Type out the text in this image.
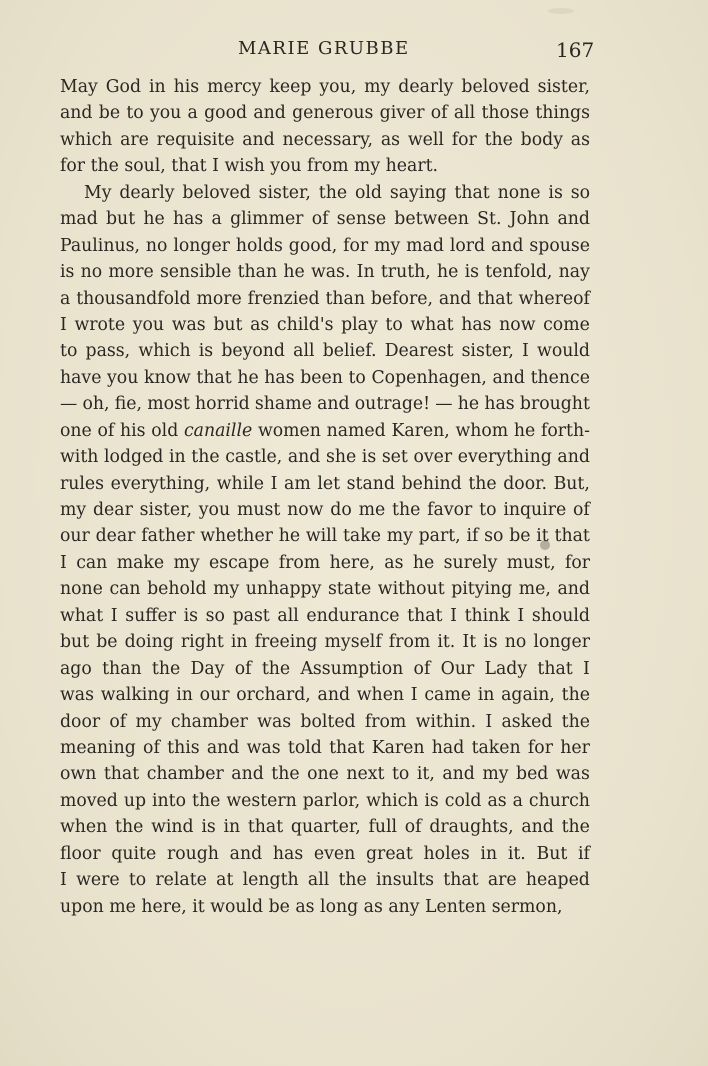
MARIE GRUBBE	167
May God in his mercy keep you, my dearly beloved sister,
and be to you a good and generous giver of all those things
which are requisite and necessary, as well for the body as
for the soul, that I wish you from my heart.
My dearly beloved sister, the old saying that none is so
mad but he has a glimmer of sense between St. John and
Paulinus, no longer holds good, for my mad lord and spouse
is no more sensible than he was. In truth, he is tenfold, nay
a thousandfold more frenzied than before, and that whereof
I wrote you was but as child's play to what has now come
to pass, which is beyond all belief. Dearest sister, I would
have you know that he has been to Copenhagen, and thence
— oh, fie, most horrid shame and outrage! — he has brought
one of his old canaille women named Karen, whom he forth-
with lodged in the castle, and she is set over everything and
rules everything, while I am let stand behind the door. But,
my dear sister, you must now do me the favor to inquire of
our dear father whether he will take my part, if so be it that
I can make my escape from here, as he surely must, for
none can behold my unhappy state without pitying me, and
what I suffer is so past all endurance that I think I should
but be doing right in freeing myself from it. It is no longer
ago than the Day of the Assumption of Our Lady that I
was walking in our orchard, and when I came in again, the
door of my chamber was bolted from within. I asked the
meaning of this and was told that Karen had taken for her
own that chamber and the one next to it, and my bed was
moved up into the western parlor, which is cold as a church
when the wind is in that quarter, full of draughts, and the
floor quite rough and has even great holes in it. But if
I were to relate at length all the insults that are heaped
upon me here, it would be as long as any Lenten sermon,
